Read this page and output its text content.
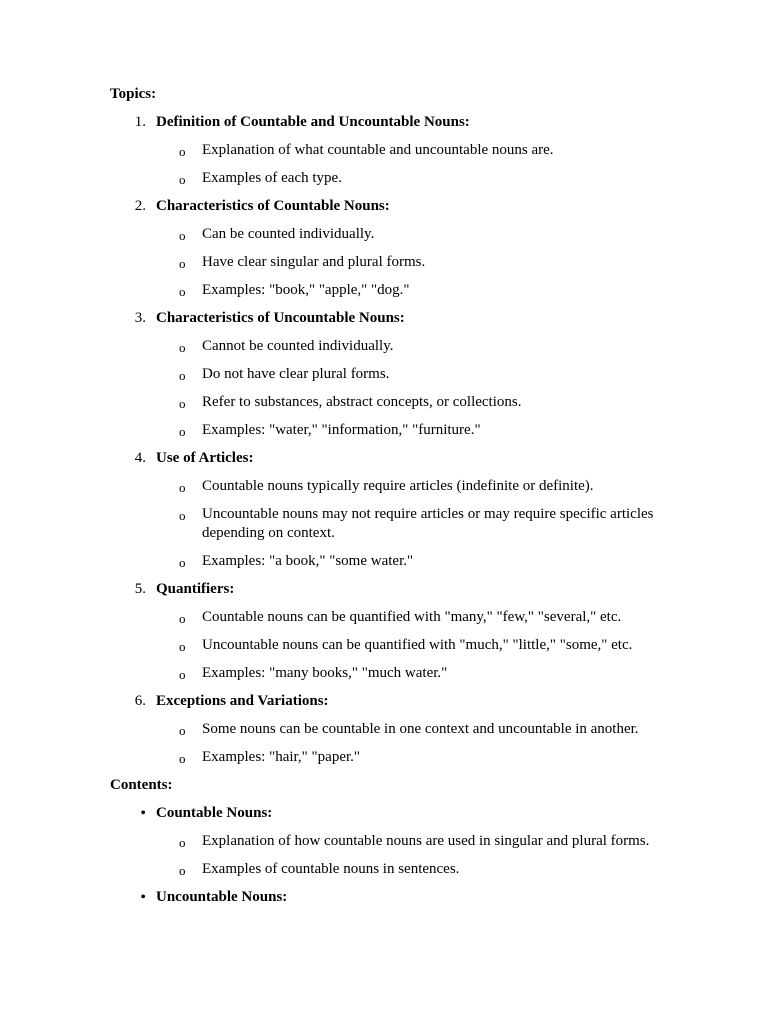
Topics:
1. Definition of Countable and Uncountable Nouns:
o Explanation of what countable and uncountable nouns are.
o Examples of each type.
2. Characteristics of Countable Nouns:
o Can be counted individually.
o Have clear singular and plural forms.
o Examples: "book," "apple," "dog."
3. Characteristics of Uncountable Nouns:
o Cannot be counted individually.
o Do not have clear plural forms.
o Refer to substances, abstract concepts, or collections.
o Examples: "water," "information," "furniture."
4. Use of Articles:
o Countable nouns typically require articles (indefinite or definite).
o Uncountable nouns may not require articles or may require specific articles depending on context.
o Examples: "a book," "some water."
5. Quantifiers:
o Countable nouns can be quantified with "many," "few," "several," etc.
o Uncountable nouns can be quantified with "much," "little," "some," etc.
o Examples: "many books," "much water."
6. Exceptions and Variations:
o Some nouns can be countable in one context and uncountable in another.
o Examples: "hair," "paper."
Contents:
• Countable Nouns:
o Explanation of how countable nouns are used in singular and plural forms.
o Examples of countable nouns in sentences.
• Uncountable Nouns:
